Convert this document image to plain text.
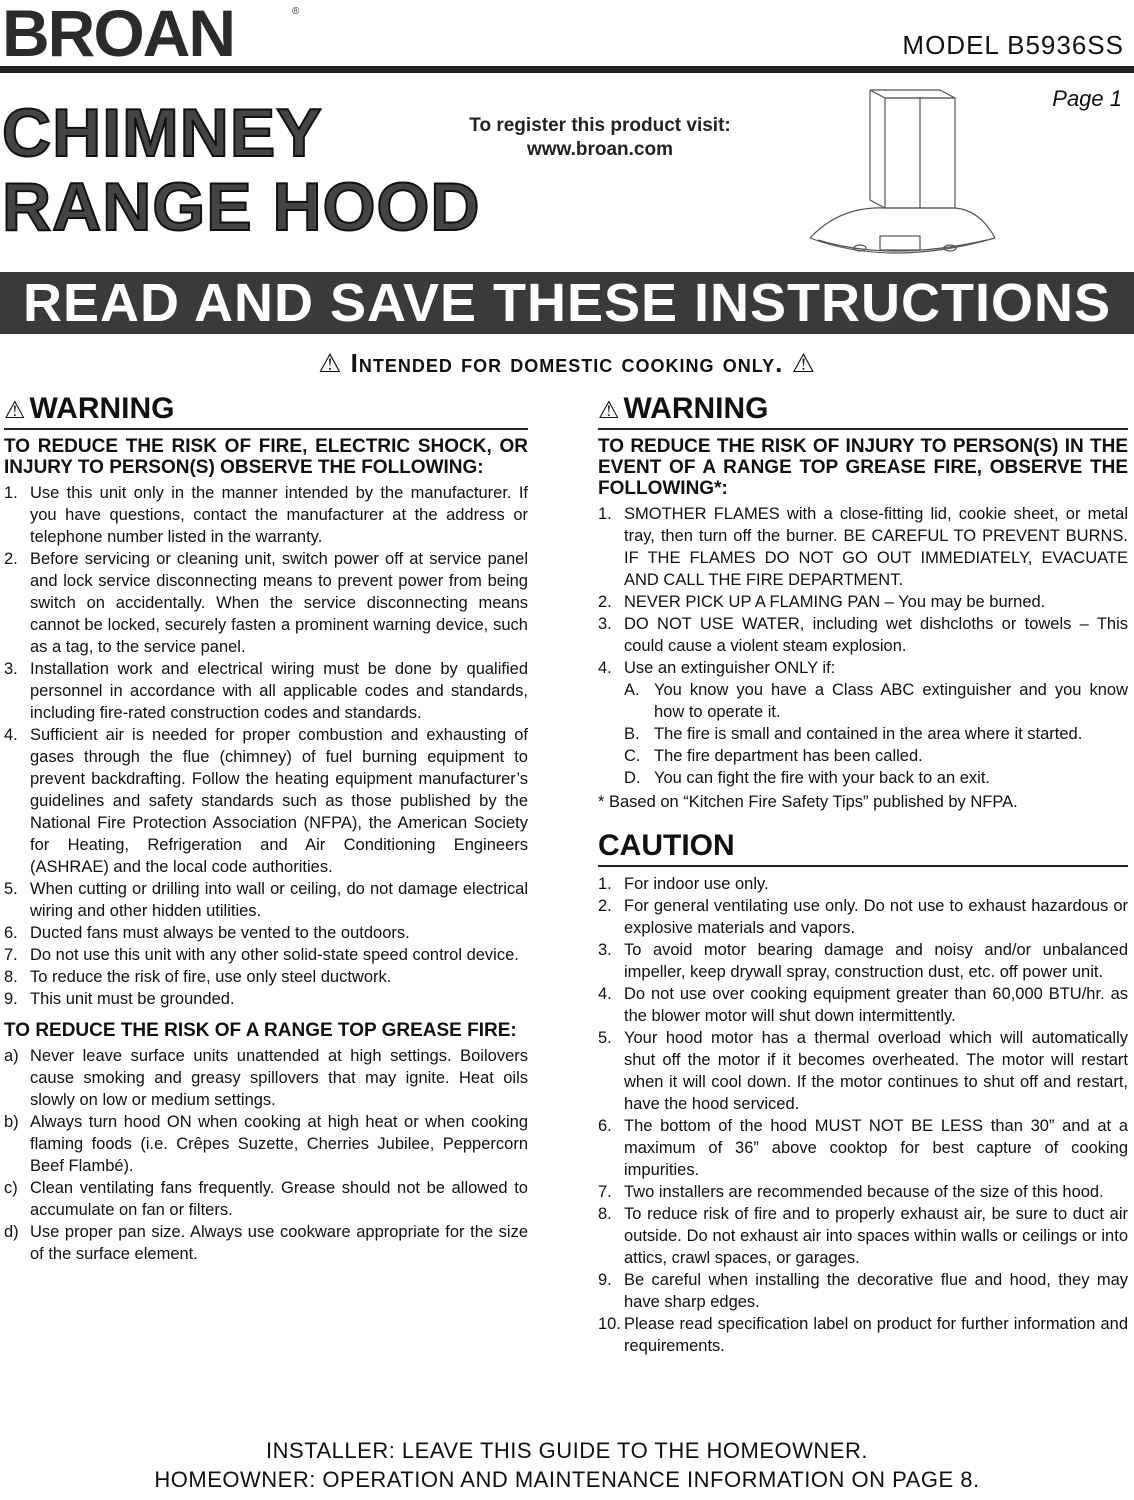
BROAN	®
MODEL B5936SS
Page 1
CHIMNEY
RANGE HOOD
To register this product visit:
www.broan.com
READ AND SAVE THESE INSTRUCTIONS
⚠ Intended for domestic cooking only. ⚠
⚠ WARNING
TO REDUCE THE RISK OF FIRE, ELECTRIC SHOCK, OR INJURY TO PERSON(S) OBSERVE THE FOLLOWING:
1. Use this unit only in the manner intended by the manufacturer. If you have questions, contact the manufacturer at the address or telephone number listed in the warranty.
2. Before servicing or cleaning unit, switch power off at service panel and lock service disconnecting means to prevent power from being switch on accidentally. When the service disconnecting means cannot be locked, securely fasten a prominent warning device, such as a tag, to the service panel.
3. Installation work and electrical wiring must be done by qualified personnel in accordance with all applicable codes and standards, including fire-rated construction codes and standards.
4. Sufficient air is needed for proper combustion and exhausting of gases through the flue (chimney) of fuel burning equipment to prevent backdrafting. Follow the heating equipment manufacturer’s guidelines and safety standards such as those published by the National Fire Protection Association (NFPA), the American Society for Heating, Refrigeration and Air Conditioning Engineers (ASHRAE) and the local code authorities.
5. When cutting or drilling into wall or ceiling, do not damage electrical wiring and other hidden utilities.
6. Ducted fans must always be vented to the outdoors.
7. Do not use this unit with any other solid-state speed control device.
8. To reduce the risk of fire, use only steel ductwork.
9. This unit must be grounded.
TO REDUCE THE RISK OF A RANGE TOP GREASE FIRE:
a) Never leave surface units unattended at high settings. Boilovers cause smoking and greasy spillovers that may ignite. Heat oils slowly on low or medium settings.
b) Always turn hood ON when cooking at high heat or when cooking flaming foods (i.e. Crêpes Suzette, Cherries Jubilee, Peppercorn Beef Flambé).
c) Clean ventilating fans frequently. Grease should not be allowed to accumulate on fan or filters.
d) Use proper pan size. Always use cookware appropriate for the size of the surface element.
⚠ WARNING
TO REDUCE THE RISK OF INJURY TO PERSON(S) IN THE EVENT OF A RANGE TOP GREASE FIRE, OBSERVE THE FOLLOWING*:
1. SMOTHER FLAMES with a close-fitting lid, cookie sheet, or metal tray, then turn off the burner. BE CAREFUL TO PREVENT BURNS. IF THE FLAMES DO NOT GO OUT IMMEDIATELY, EVACUATE AND CALL THE FIRE DEPARTMENT.
2. NEVER PICK UP A FLAMING PAN – You may be burned.
3. DO NOT USE WATER, including wet dishcloths or towels – This could cause a violent steam explosion.
4. Use an extinguisher ONLY if:
A. You know you have a Class ABC extinguisher and you know how to operate it.
B. The fire is small and contained in the area where it started.
C. The fire department has been called.
D. You can fight the fire with your back to an exit.
* Based on “Kitchen Fire Safety Tips” published by NFPA.
CAUTION
1. For indoor use only.
2. For general ventilating use only. Do not use to exhaust hazardous or explosive materials and vapors.
3. To avoid motor bearing damage and noisy and/or unbalanced impeller, keep drywall spray, construction dust, etc. off power unit.
4. Do not use over cooking equipment greater than 60,000 BTU/hr. as the blower motor will shut down intermittently.
5. Your hood motor has a thermal overload which will automatically shut off the motor if it becomes overheated. The motor will restart when it will cool down. If the motor continues to shut off and restart, have the hood serviced.
6. The bottom of the hood MUST NOT BE LESS than 30” and at a maximum of 36” above cooktop for best capture of cooking impurities.
7. Two installers are recommended because of the size of this hood.
8. To reduce risk of fire and to properly exhaust air, be sure to duct air outside. Do not exhaust air into spaces within walls or ceilings or into attics, crawl spaces, or garages.
9. Be careful when installing the decorative flue and hood, they may have sharp edges.
10. Please read specification label on product for further information and requirements.
INSTALLER: LEAVE THIS GUIDE TO THE HOMEOWNER.
HOMEOWNER: OPERATION AND MAINTENANCE INFORMATION ON PAGE 8.
